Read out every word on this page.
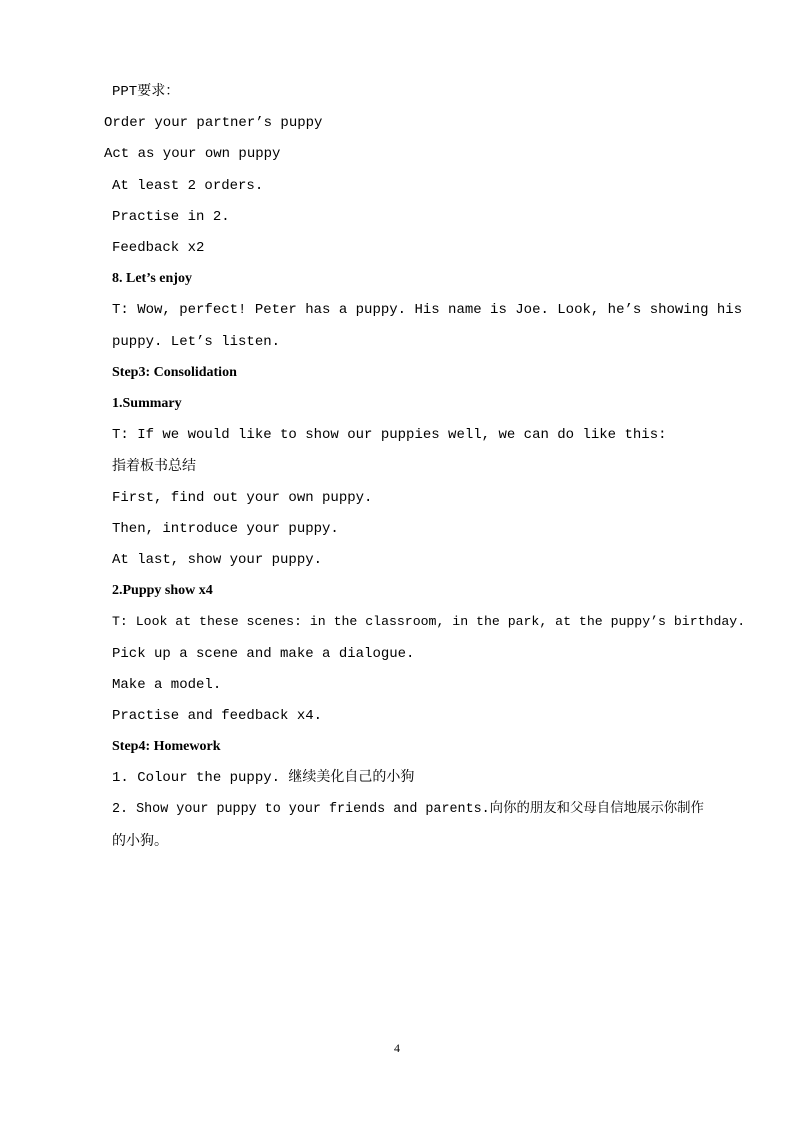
PPT要求：
Order your partner’s puppy
Act as your own puppy
At least 2 orders.
Practise in 2.
Feedback x2
8. Let’s enjoy
T: Wow, perfect! Peter has a puppy. His name is Joe. Look, he’s showing his
puppy. Let’s listen.
Step3: Consolidation
1.Summary
T: If we would like to show our puppies well, we can do like this:
指着板书总结
First, find out your own puppy.
Then, introduce your puppy.
At last, show your puppy.
2.Puppy show x4
T: Look at these scenes: in the classroom, in the park, at the puppy’s birthday.
Pick up a scene and make a dialogue.
Make a model.
Practise and feedback x4.
Step4: Homework
1. Colour the puppy. 继续美化自己的小狗
2. Show your puppy to your friends and parents.向你的朋友和父母自信地展示你制作
的小狗。
4
